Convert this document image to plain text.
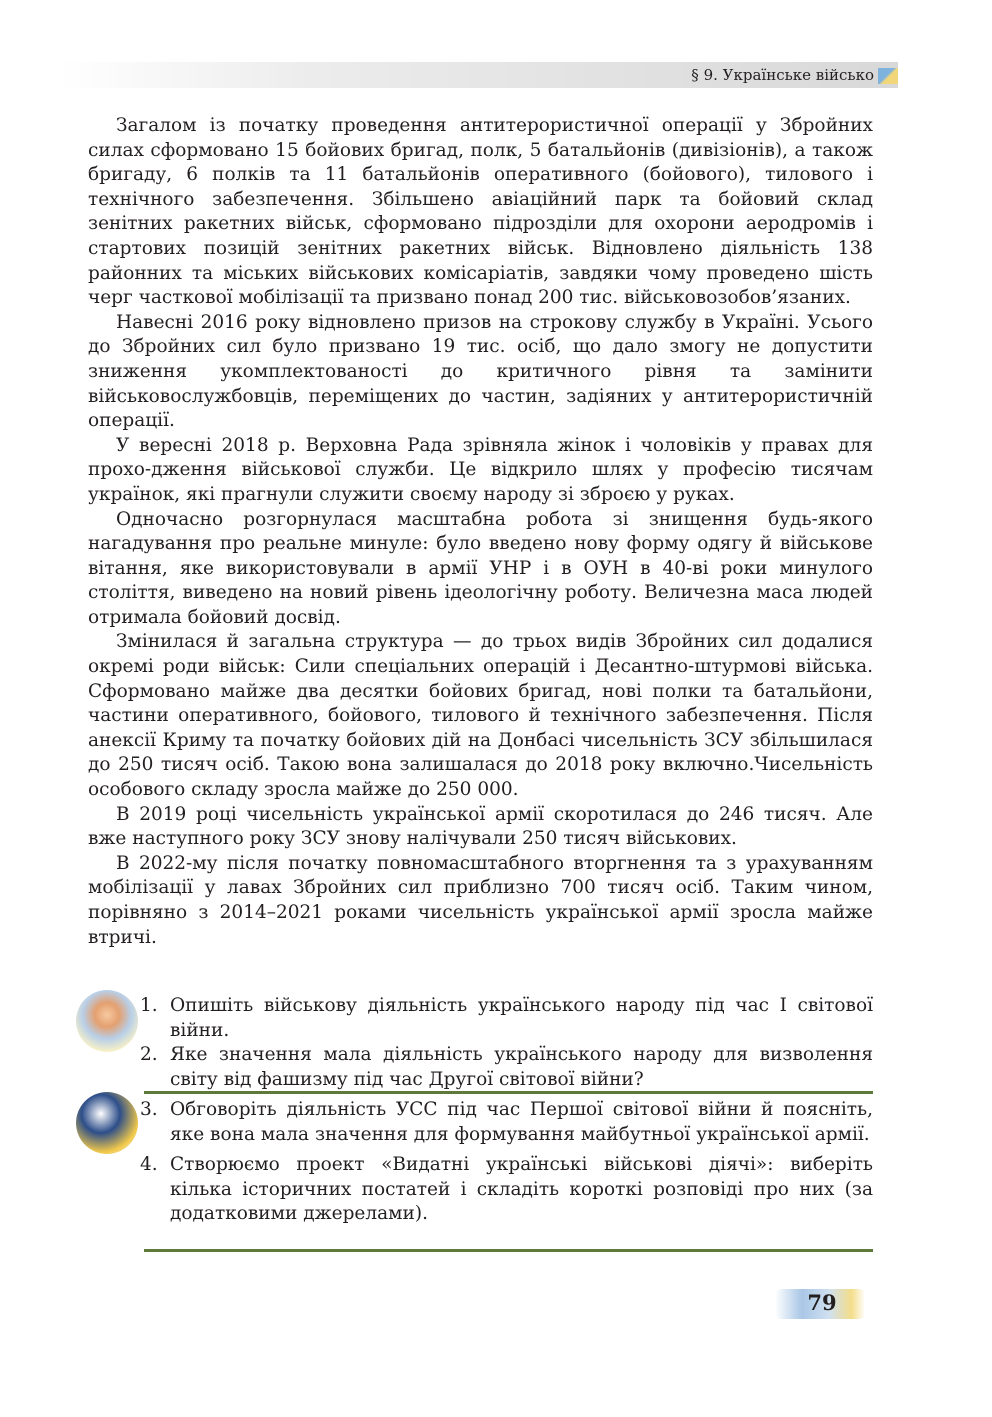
§ 9. Українське військо

Загалом із початку проведення антитерористичної операції у Збройних силах сформовано 15 бойових бригад, полк, 5 батальйонів (дивізіонів), а також бригаду, 6 полків та 11 батальйонів оперативного (бойового), тилового і технічного забезпечення. Збільшено авіаційний парк та бойовий склад зенітних ракетних військ, сформовано підрозділи для охорони аеродромів і стартових позицій зенітних ракетних військ. Відновлено діяльність 138 районних та міських військових комісаріатів, завдяки чому проведено шість черг часткової мобілізації та призвано понад 200 тис. військовозобов’язаних.

Навесні 2016 року відновлено призов на строкову службу в Україні. Усього до Збройних сил було призвано 19 тис. осіб, що дало змогу не допустити зниження укомплектованості до критичного рівня та замінити військовослужбовців, переміщених до частин, задіяних у антитерористичній операції.

У вересні 2018 р. Верховна Рада зрівняла жінок і чоловіків у правах для прохо-дження військової служби. Це відкрило шлях у професію тисячам українок, які прагнули служити своєму народу зі зброєю у руках.

Одночасно розгорнулася масштабна робота зі знищення будь-якого нагадування про реальне минуле: було введено нову форму одягу й військове вітання, яке використовували в армії УНР і в ОУН в 40-ві роки минулого століття, виведено на новий рівень ідеологічну роботу. Величезна маса людей отримала бойовий досвід.

Змінилася й загальна структура — до трьох видів Збройних сил додалися окремі роди військ: Сили спеціальних операцій і Десантно-штурмові війська. Сформовано майже два десятки бойових бригад, нові полки та батальйони, частини оперативного, бойового, тилового й технічного забезпечення. Після анексії Криму та початку бойових дій на Донбасі чисельність ЗСУ збільшилася до 250 тисяч осіб. Такою вона залишалася до 2018 року включно.Чисельність особового складу зросла майже до 250 000.

В 2019 році чисельність української армії скоротилася до 246 тисяч. Але вже наступного року ЗСУ знову налічували 250 тисяч військових.

В 2022-му після початку повномасштабного вторгнення та з урахуванням мобілізації у лавах Збройних сил приблизно 700 тисяч осіб. Таким чином, порівняно з 2014–2021 роками чисельність української армії зросла майже втричі.

1. Опишіть військову діяльність українського народу під час І світової війни.

2. Яке значення мала діяльність українського народу для визволення світу від фашизму під час Другої світової війни?

3. Обговоріть діяльність УСС під час Першої світової війни й поясніть, яке вона мала значення для формування майбутньої української армії.

4. Створюємо проект «Видатні українські військові діячі»: виберіть кілька історичних постатей і складіть короткі розповіді про них (за додатковими джерелами).

79
